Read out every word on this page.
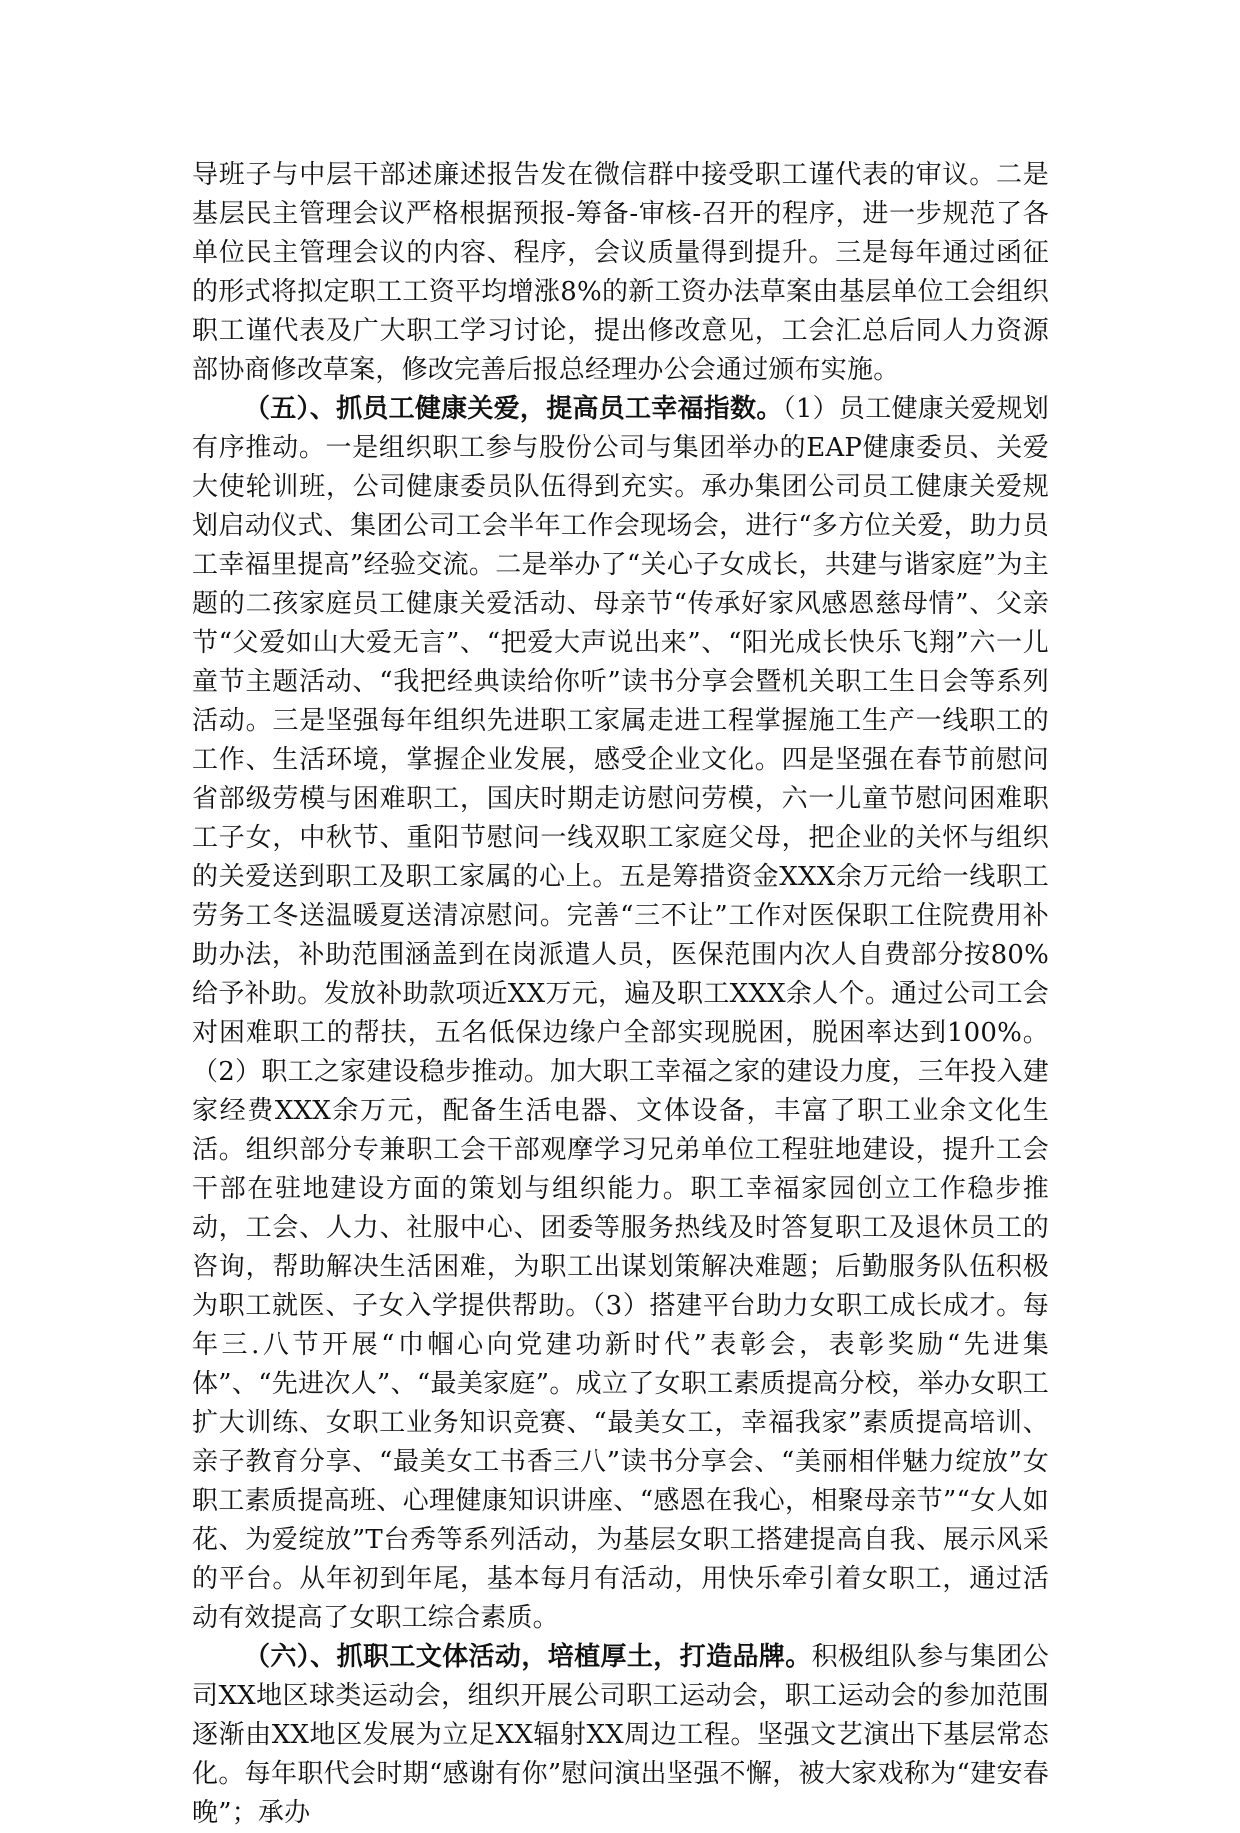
导班子与中层干部述廉述报告发在微信群中接受职工谨代表的审议。二是基层民主管理会议严格根据预报-筹备-审核-召开的程序，进一步规范了各单位民主管理会议的内容、程序，会议质量得到提升。三是每年通过函征的形式将拟定职工工资平均增涨8%的新工资办法草案由基层单位工会组织职工谨代表及广大职工学习讨论，提出修改意见，工会汇总后同人力资源部协商修改草案，修改完善后报总经理办公会通过颁布实施。

（五）、抓员工健康关爱，提高员工幸福指数。（1）员工健康关爱规划有序推动。一是组织职工参与股份公司与集团举办的EAP健康委员、关爱大使轮训班，公司健康委员队伍得到充实。承办集团公司员工健康关爱规划启动仪式、集团公司工会半年工作会现场会，进行“多方位关爱，助力员工幸福里提高”经验交流。二是举办了“关心子女成长，共建与谐家庭”为主题的二孩家庭员工健康关爱活动、母亲节“传承好家风感恩慈母情”、父亲节“父爱如山大爱无言”、“把爱大声说出来”、“阳光成长快乐飞翔”六一儿童节主题活动、“我把经典读给你听”读书分享会暨机关职工生日会等系列活动。三是坚强每年组织先进职工家属走进工程掌握施工生产一线职工的工作、生活环境，掌握企业发展，感受企业文化。四是坚强在春节前慰问省部级劳模与困难职工，国庆时期走访慰问劳模，六一儿童节慰问困难职工子女，中秋节、重阳节慰问一线双职工家庭父母，把企业的关怀与组织的关爱送到职工及职工家属的心上。五是筹措资金XXX余万元给一线职工劳务工冬送温暖夏送清凉慰问。完善“三不让”工作对医保职工住院费用补助办法，补助范围涵盖到在岗派遣人员，医保范围内次人自费部分按80%给予补助。发放补助款项近XX万元，遍及职工XXX余人个。通过公司工会对困难职工的帮扶，五名低保边缘户全部实现脱困，脱困率达到100%。（2）职工之家建设稳步推动。加大职工幸福之家的建设力度，三年投入建家经费XXX余万元，配备生活电器、文体设备，丰富了职工业余文化生活。组织部分专兼职工会干部观摩学习兄弟单位工程驻地建设，提升工会干部在驻地建设方面的策划与组织能力。职工幸福家园创立工作稳步推动，工会、人力、社服中心、团委等服务热线及时答复职工及退休员工的咨询，帮助解决生活困难，为职工出谋划策解决难题；后勤服务队伍积极为职工就医、子女入学提供帮助。（3）搭建平台助力女职工成长成才。每年三.八节开展“巾帼心向党建功新时代”表彰会，表彰奖励“先进集体”、“先进次人”、“最美家庭”。成立了女职工素质提高分校，举办女职工扩大训练、女职工业务知识竞赛、“最美女工，幸福我家”素质提高培训、亲子教育分享、“最美女工书香三八”读书分享会、“美丽相伴魅力绽放”女职工素质提高班、心理健康知识讲座、“感恩在我心，相聚母亲节”“女人如花、为爱绽放”T台秀等系列活动，为基层女职工搭建提高自我、展示风采的平台。从年初到年尾，基本每月有活动，用快乐牵引着女职工，通过活动有效提高了女职工综合素质。

（六）、抓职工文体活动，培植厚土，打造品牌。积极组队参与集团公司XX地区球类运动会，组织开展公司职工运动会，职工运动会的参加范围逐渐由XX地区发展为立足XX辐射XX周边工程。坚强文艺演出下基层常态化。每年职代会时期“感谢有你”慰问演出坚强不懈，被大家戏称为“建安春晚”；承办
